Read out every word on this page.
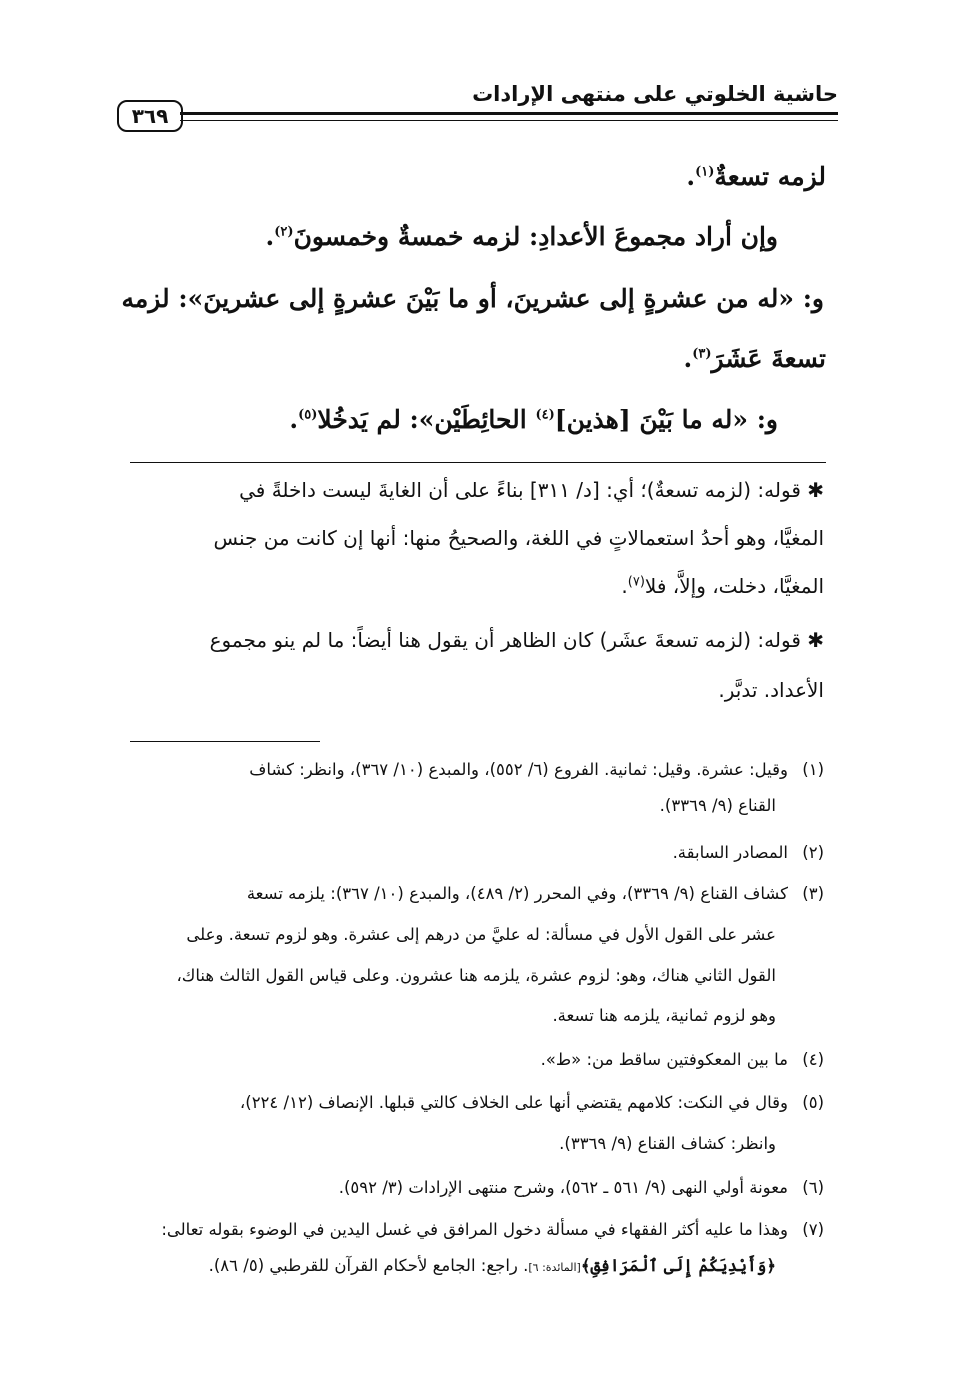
حاشية الخلوتي على منتهى الإرادات
٣٦٩
لزمه تسعةٌ$^{(١)}$.
وإن أراد مجموعَ الأعدادِ: لزمه خمسةٌ وخمسونَ$^{(٢)}$.
و: «له من عشرةٍ إلى عشرينَ، أو ما بَيْنَ عشرةٍ إلى عشرينَ»: لزمه
تسعةَ عَشَرَ$^{(٣)}$.
و: «له ما بَيْنَ [هذين]$^{(٤)}$ الحائِطَيْن»: لم يَدخُلا$^{(٥)}$.
✱ قوله: (لزمه تسعةٌ)؛ أي: [د/ ٣١١] بناءً على أن الغايةَ ليست داخلةً في
المغيَّا، وهو أحدُ استعمالاتٍ في اللغة، والصحيحُ منها: أنها إن كانت من جنس
المغيَّا، دخلت، وإلاَّ، فلا$^{(٧)}$.
✱ قوله: (لزمه تسعةَ عشَر) كان الظاهر أن يقول هنا أيضاً: ما لم ينو مجموع
الأعداد. تدبَّر.
(١)وقيل: عشرة. وقيل: ثمانية. الفروع (٦/ ٥٥٢)، والمبدع (١٠/ ٣٦٧)، وانظر: كشاف
القناع (٩/ ٣٣٦٩).
(٢)المصادر السابقة.
(٣)كشاف القناع (٩/ ٣٣٦٩)، وفي المحرر (٢/ ٤٨٩)، والمبدع (١٠/ ٣٦٧): يلزمه تسعة
عشر على القول الأول في مسألة: له عليَّ من درهم إلى عشرة. وهو لزوم تسعة. وعلى
القول الثاني هناك، وهو: لزوم عشرة، يلزمه هنا عشرون. وعلى قياس القول الثالث هناك،
وهو لزوم ثمانية، يلزمه هنا تسعة.
(٤)ما بين المعكوفتين ساقط من: «ط».
(٥)وقال في النكت: كلامهم يقتضي أنها على الخلاف كالتي قبلها. الإنصاف (١٢/ ٢٢٤)،
وانظر: كشاف القناع (٩/ ٣٣٦٩).
(٦)معونة أولي النهى (٩/ ٥٦١ ـ ٥٦٢)، وشرح منتهى الإرادات (٣/ ٥٩٢).
(٧)وهذا ما عليه أكثر الفقهاء في مسألة دخول المرافق في غسل اليدين في الوضوء بقوله تعالى:
﴿وَأَيْدِيَكُمْ إِلَى ٱلْمَرَافِقِ﴾[المائدة: ٦]. راجع: الجامع لأحكام القرآن للقرطبي (٥/ ٨٦).
